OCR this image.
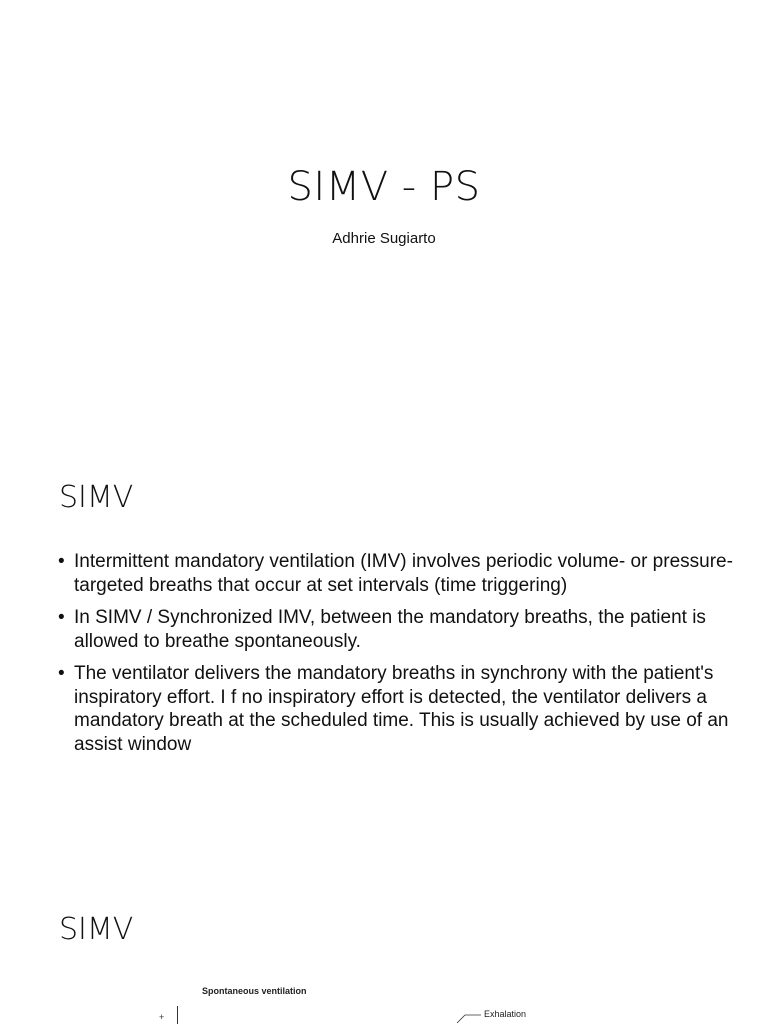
SIMV - PS
Adhrie Sugiarto
SIMV
• Intermittent mandatory ventilation (IMV) involves periodic volume- or pressure-targeted breaths that occur at set intervals (time triggering)
• In SIMV / Synchronized IMV, between the mandatory breaths, the patient is allowed to breathe spontaneously.
• The ventilator delivers the mandatory breaths in synchrony with the patient's inspiratory effort. I f no inspiratory effort is detected, the ventilator delivers a mandatory breath at the scheduled time. This is usually achieved by use of an assist window
SIMV
Spontaneous ventilation
+	Exhalation
